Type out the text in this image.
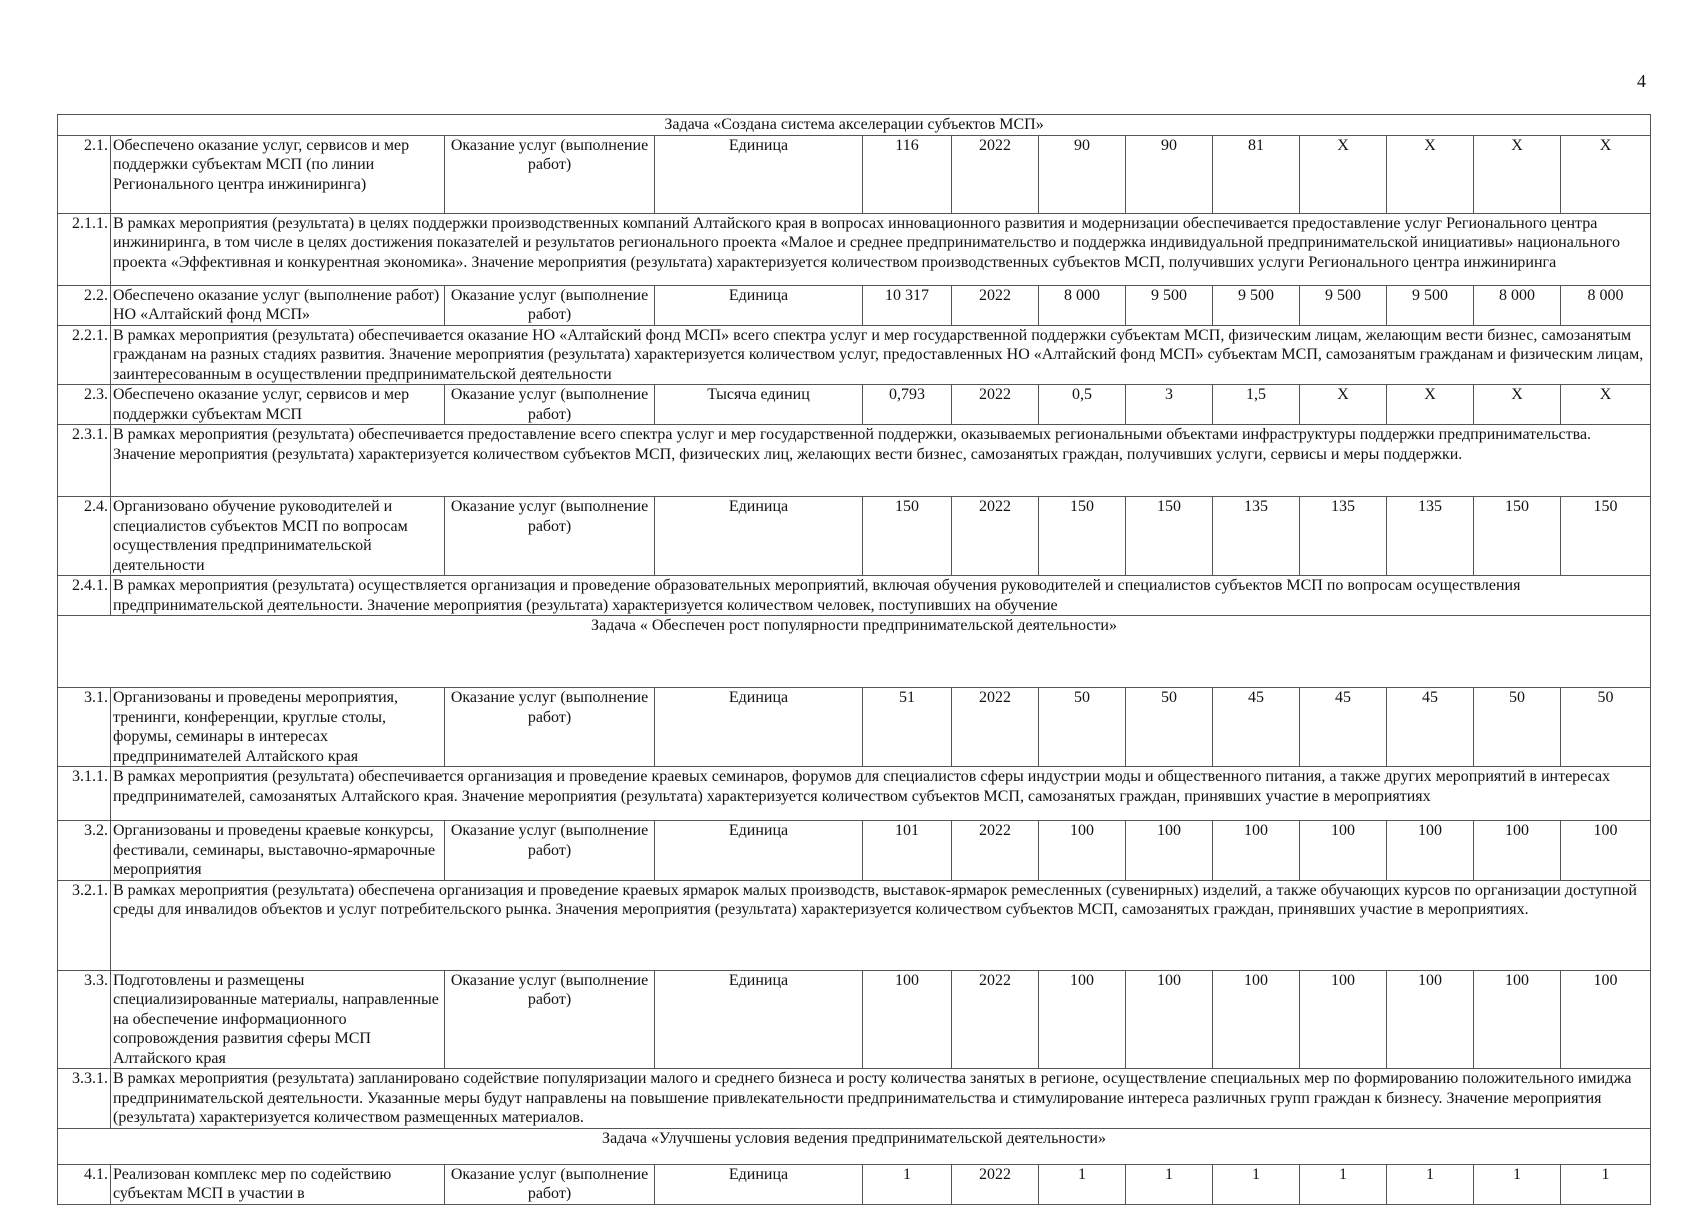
4
Задача «Создана система акселерации субъектов МСП»												
2.1.	Обеспечено оказание услуг, сервисов и мер поддержки субъектам МСП (по линии Регионального центра инжиниринга)	Оказание услуг (выполнение работ)	Единица	116	2022	90	90	81	X	X	X	X
2.1.1.	В рамках мероприятия (результата) в целях поддержки производственных компаний Алтайского края в вопросах инновационного развития и модернизации обеспечивается предоставление услуг Регионального центра инжиниринга, в том числе в целях достижения показателей и результатов регионального проекта «Малое и среднее предпринимательство и поддержка индивидуальной предпринимательской инициативы» национального проекта «Эффективная и конкурентная экономика». Значение мероприятия (результата) характеризуется количеством производственных субъектов МСП, получивших услуги Регионального центра инжиниринга											
2.2.	Обеспечено оказание услуг (выполнение работ) НО «Алтайский фонд МСП»	Оказание услуг (выполнение работ)	Единица	10 317	2022	8 000	9 500	9 500	9 500	9 500	8 000	8 000
2.2.1.	В рамках мероприятия (результата) обеспечивается оказание НО «Алтайский фонд МСП» всего спектра услуг и мер государственной поддержки субъектам МСП, физическим лицам, желающим вести бизнес, самозанятым гражданам на разных стадиях развития. Значение мероприятия (результата) характеризуется количеством услуг, предоставленных НО «Алтайский фонд МСП» субъектам МСП, самозанятым гражданам и физическим лицам, заинтересованным в осуществлении предпринимательской деятельности											
2.3.	Обеспечено оказание услуг, сервисов и мер поддержки субъектам МСП	Оказание услуг (выполнение работ)	Тысяча единиц	0,793	2022	0,5	3	1,5	X	X	X	X
2.3.1.	В рамках мероприятия (результата) обеспечивается предоставление всего спектра услуг и мер государственной поддержки, оказываемых региональными объектами инфраструктуры поддержки предпринимательства. Значение мероприятия (результата) характеризуется количеством субъектов МСП, физических лиц, желающих вести бизнес, самозанятых граждан, получивших услуги, сервисы и меры поддержки.											
2.4.	Организовано обучение руководителей и специалистов субъектов МСП по вопросам осуществления предпринимательской деятельности	Оказание услуг (выполнение работ)	Единица	150	2022	150	150	135	135	135	150	150
2.4.1.	В рамках мероприятия (результата) осуществляется организация и проведение образовательных мероприятий, включая обучения руководителей и специалистов субъектов МСП по вопросам осуществления предпринимательской деятельности. Значение мероприятия (результата) характеризуется количеством человек, поступивших на обучение											
Задача « Обеспечен рост популярности предпринимательской деятельности»												
3.1.	Организованы и проведены мероприятия, тренинги, конференции, круглые столы, форумы, семинары в интересах предпринимателей Алтайского края	Оказание услуг (выполнение работ)	Единица	51	2022	50	50	45	45	45	50	50
3.1.1.	В рамках мероприятия (результата) обеспечивается организация и проведение краевых семинаров, форумов для специалистов сферы индустрии моды и общественного питания, а также других мероприятий в интересах предпринимателей, самозанятых Алтайского края. Значение мероприятия (результата) характеризуется количеством субъектов МСП, самозанятых граждан, принявших участие в мероприятиях											
3.2.	Организованы и проведены краевые конкурсы, фестивали, семинары, выставочно-ярмарочные мероприятия	Оказание услуг (выполнение работ)	Единица	101	2022	100	100	100	100	100	100	100
3.2.1.	В рамках мероприятия (результата) обеспечена организация и проведение краевых ярмарок малых производств, выставок-ярмарок ремесленных (сувенирных) изделий, а также обучающих курсов по организации доступной среды для инвалидов объектов и услуг потребительского рынка. Значения мероприятия (результата) характеризуется количеством субъектов МСП, самозанятых граждан, принявших участие в мероприятиях.											
3.3.	Подготовлены и размещены специализированные материалы, направленные на обеспечение информационного сопровождения развития сферы МСП Алтайского края	Оказание услуг (выполнение работ)	Единица	100	2022	100	100	100	100	100	100	100
3.3.1.	В рамках мероприятия (результата) запланировано содействие популяризации малого и среднего бизнеса и росту количества занятых в регионе, осуществление специальных мер по формированию положительного имиджа предпринимательской деятельности. Указанные меры будут направлены на повышение привлекательности предпринимательства и стимулирование интереса различных групп граждан к бизнесу. Значение мероприятия (результата) характеризуется количеством размещенных материалов.											
Задача «Улучшены условия ведения предпринимательской деятельности»												
4.1.	Реализован комплекс мер по содействию субъектам МСП в участии в	Оказание услуг (выполнение работ)	Единица	1	2022	1	1	1	1	1	1	1
